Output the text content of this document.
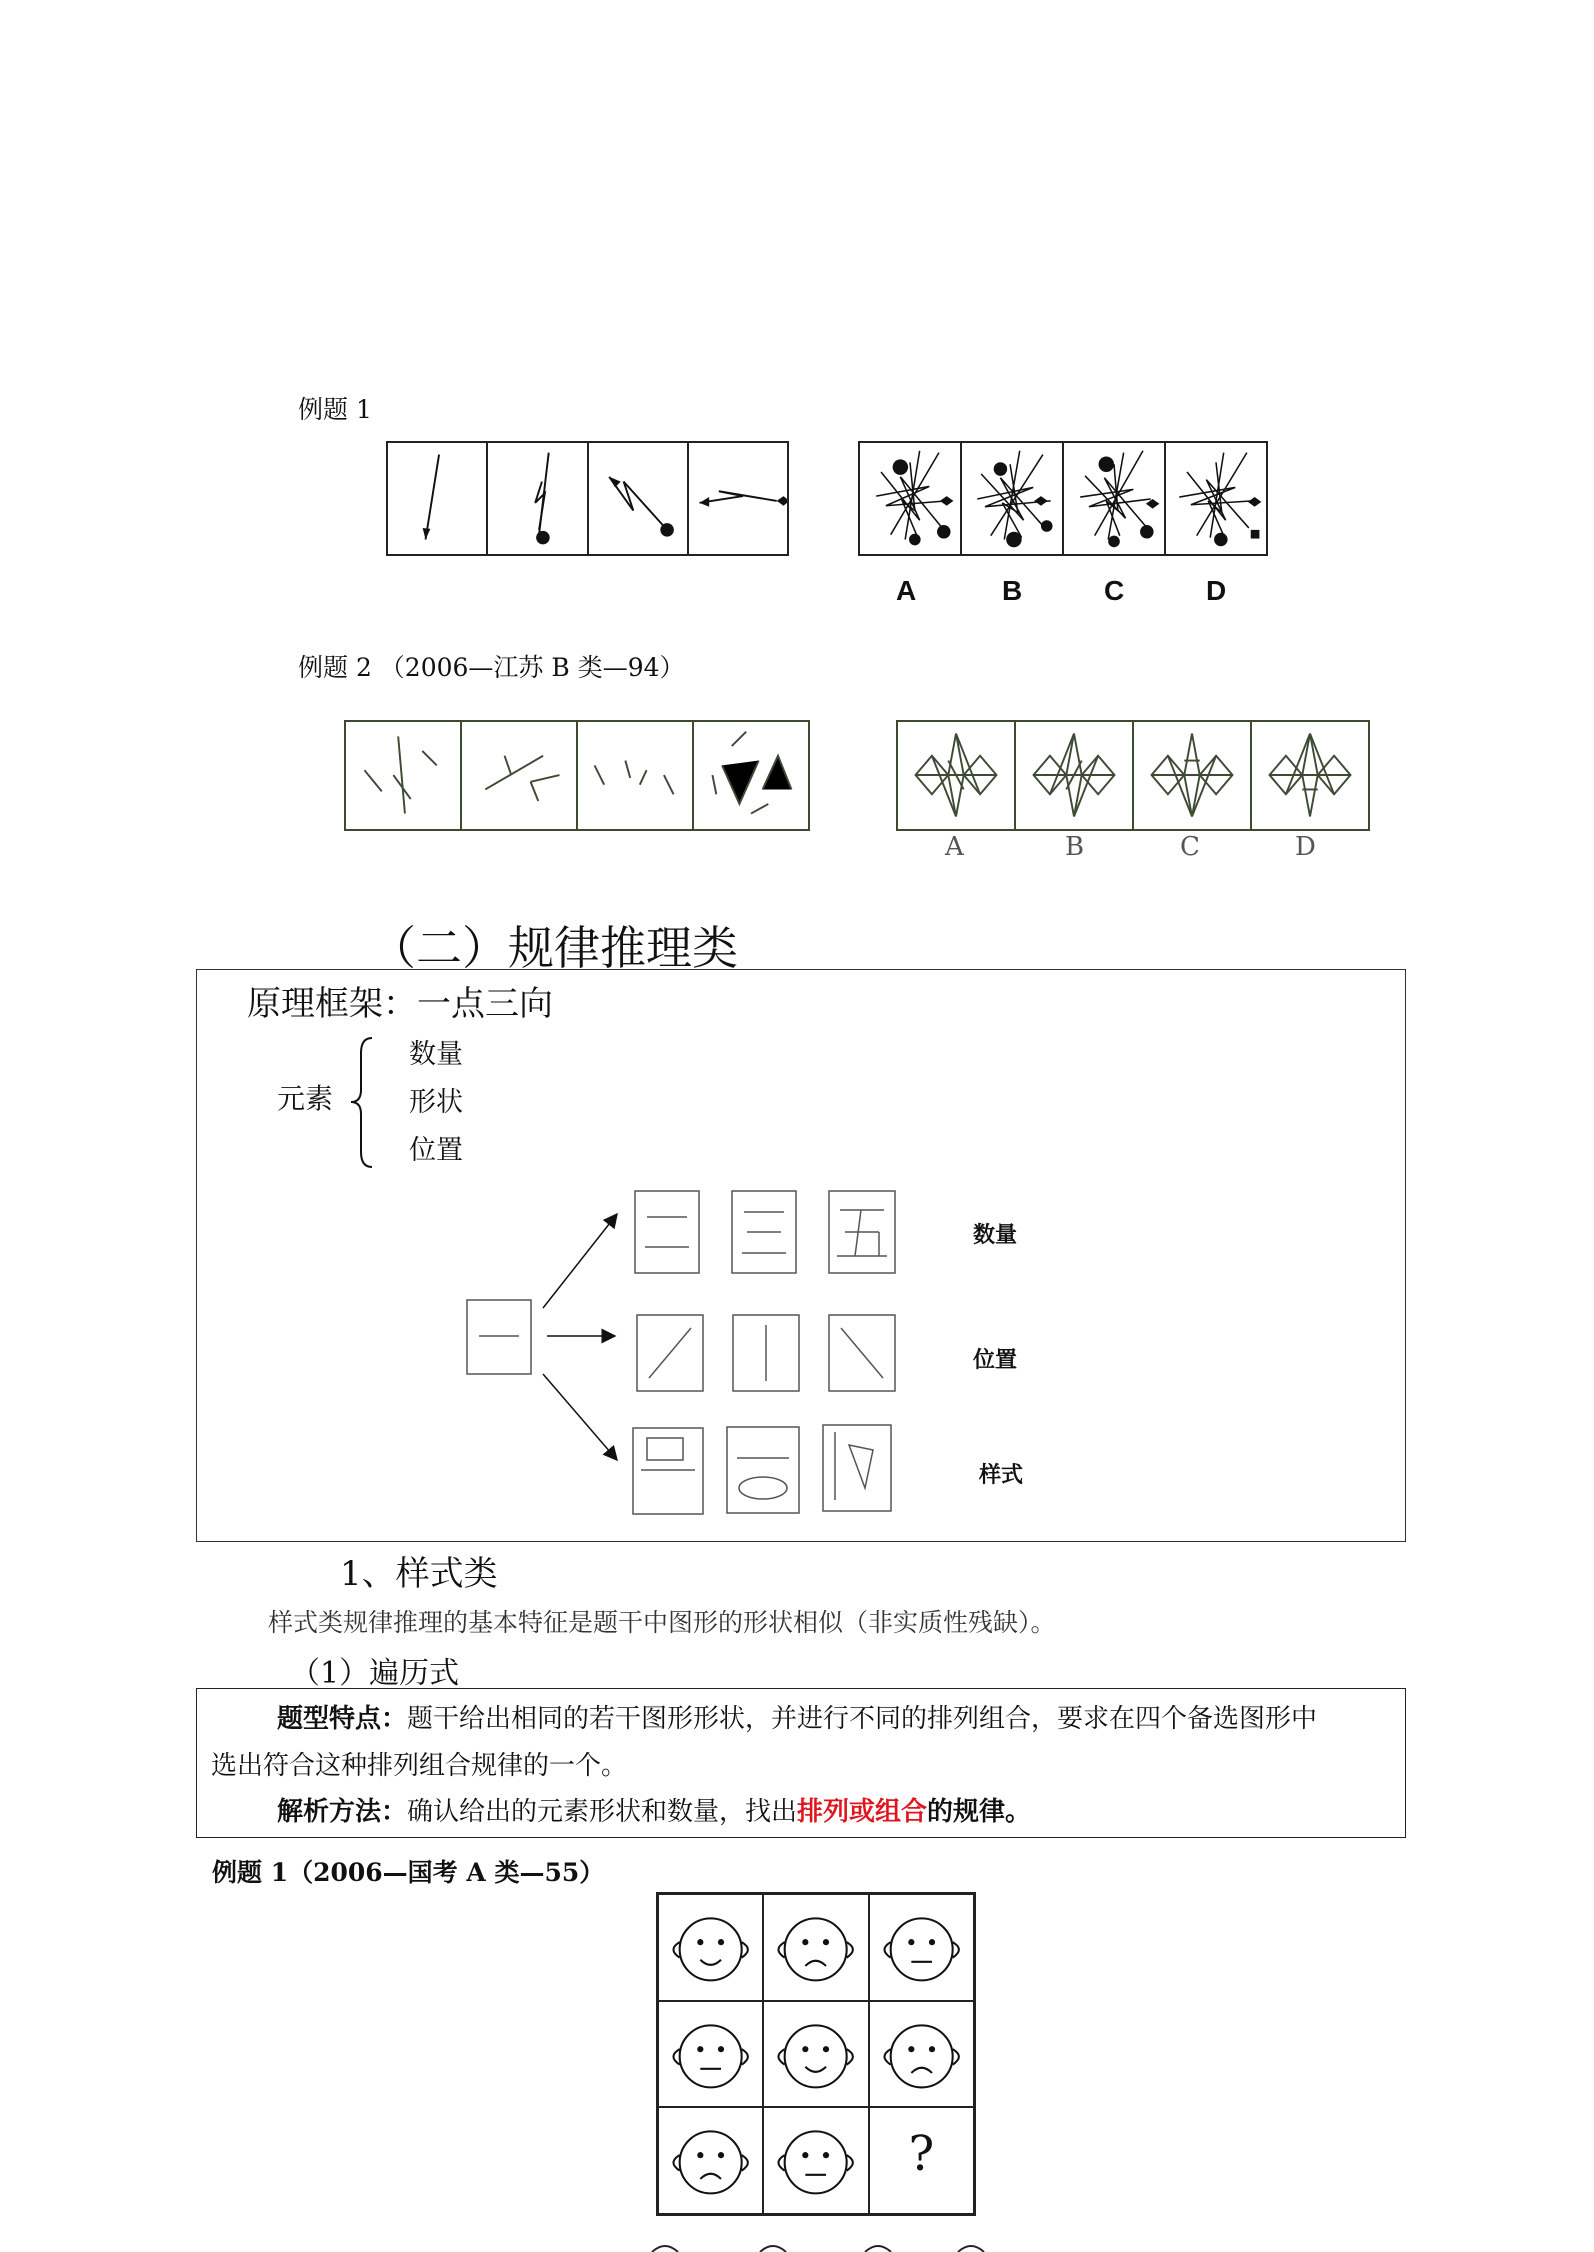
例题 1
A	B	C	D
例题 2 （2006—江苏 B 类—94）
A	B	C	D
（二）规律推理类
原理框架：一点三向
元素
数量
形状
位置
数量
位置
样式
1、样式类
样式类规律推理的基本特征是题干中图形的形状相似（非实质性残缺）。
（1）遍历式
题型特点：题干给出相同的若干图形形状，并进行不同的排列组合，要求在四个备选图形中
选出符合这种排列组合规律的一个。
解析方法：确认给出的元素形状和数量，找出排列或组合的规律。
例题 1（2006—国考 A 类—55）
?
